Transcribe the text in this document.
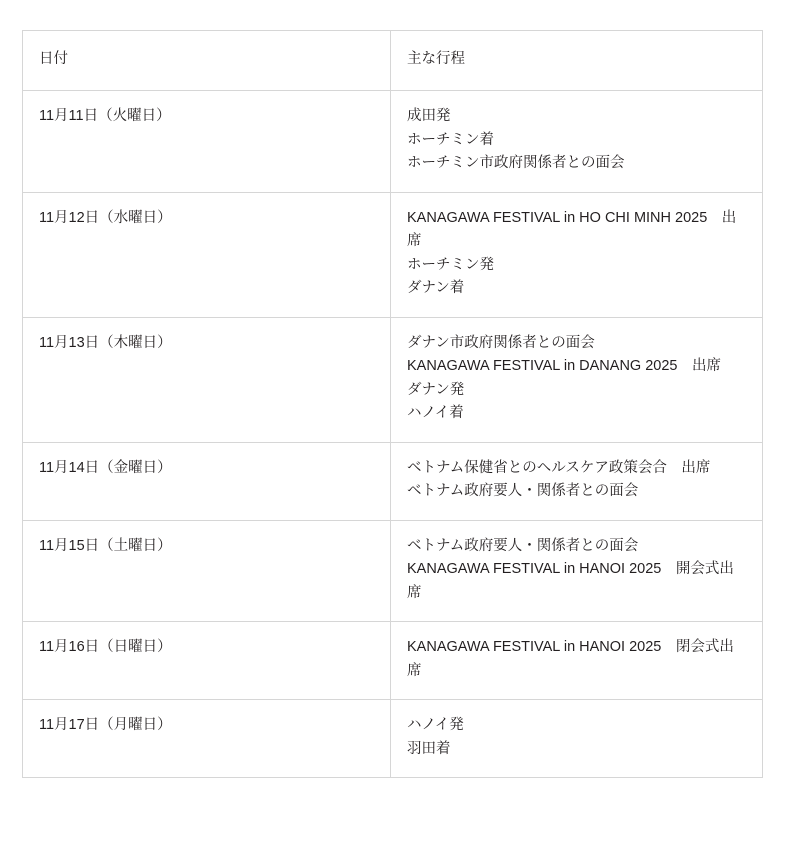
日付	主な行程

11月11日（火曜日）	成田発
ホーチミン着
ホーチミン市政府関係者との面会

11月12日（水曜日）	KANAGAWA FESTIVAL in HO CHI MINH 2025　出席
ホーチミン発
ダナン着

11月13日（木曜日）	ダナン市政府関係者との面会
KANAGAWA FESTIVAL in DANANG 2025　出席
ダナン発
ハノイ着

11月14日（金曜日）	ベトナム保健省とのヘルスケア政策会合　出席
ベトナム政府要人・関係者との面会

11月15日（土曜日）	ベトナム政府要人・関係者との面会
KANAGAWA FESTIVAL in HANOI 2025　開会式出席

11月16日（日曜日）	KANAGAWA FESTIVAL in HANOI 2025　閉会式出席

11月17日（月曜日）	ハノイ発
羽田着
